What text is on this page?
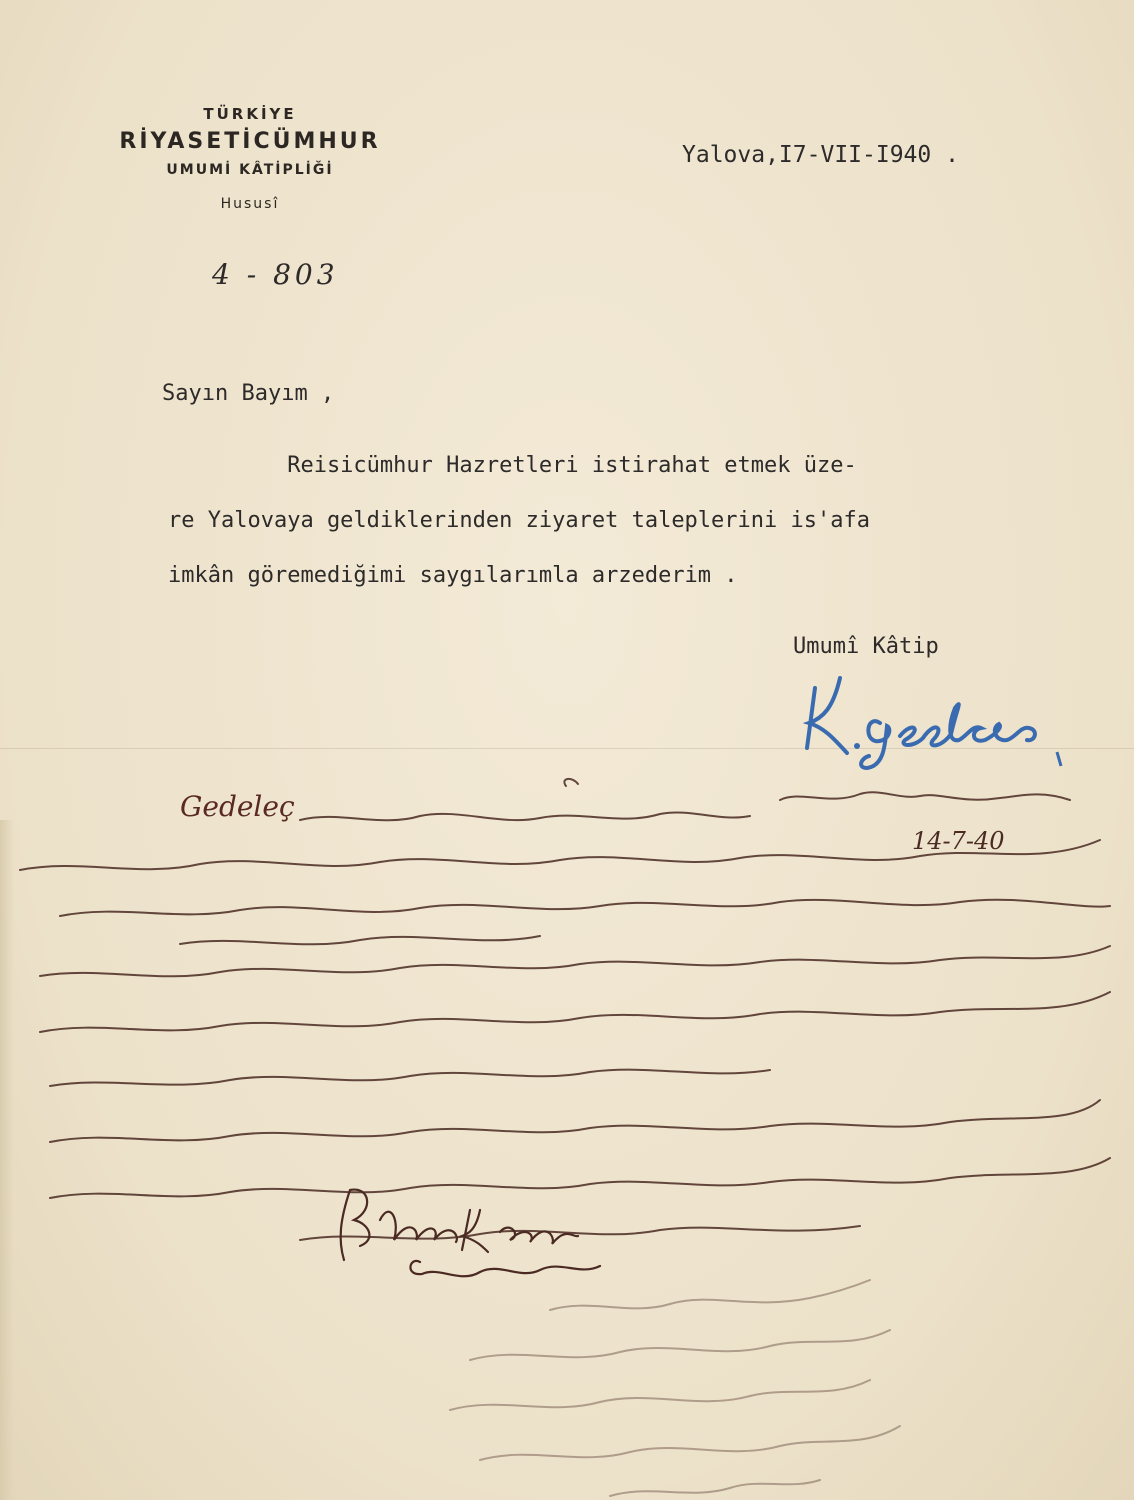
TÜRKİYE
RİYASETİCÜMHUR
UMUMİ KÂTİPLİĞİ
Hususî
4 - 803
Yalova,I7-VII-I940 .
Sayın Bayım ,
Reisicümhur Hazretleri istirahat etmek üze-
re Yalovaya geldiklerinden ziyaret taleplerini is'afa
imkân göremediğimi saygılarımla arzederim .
Umumî Kâtip
Gedeleç
14-7-40
